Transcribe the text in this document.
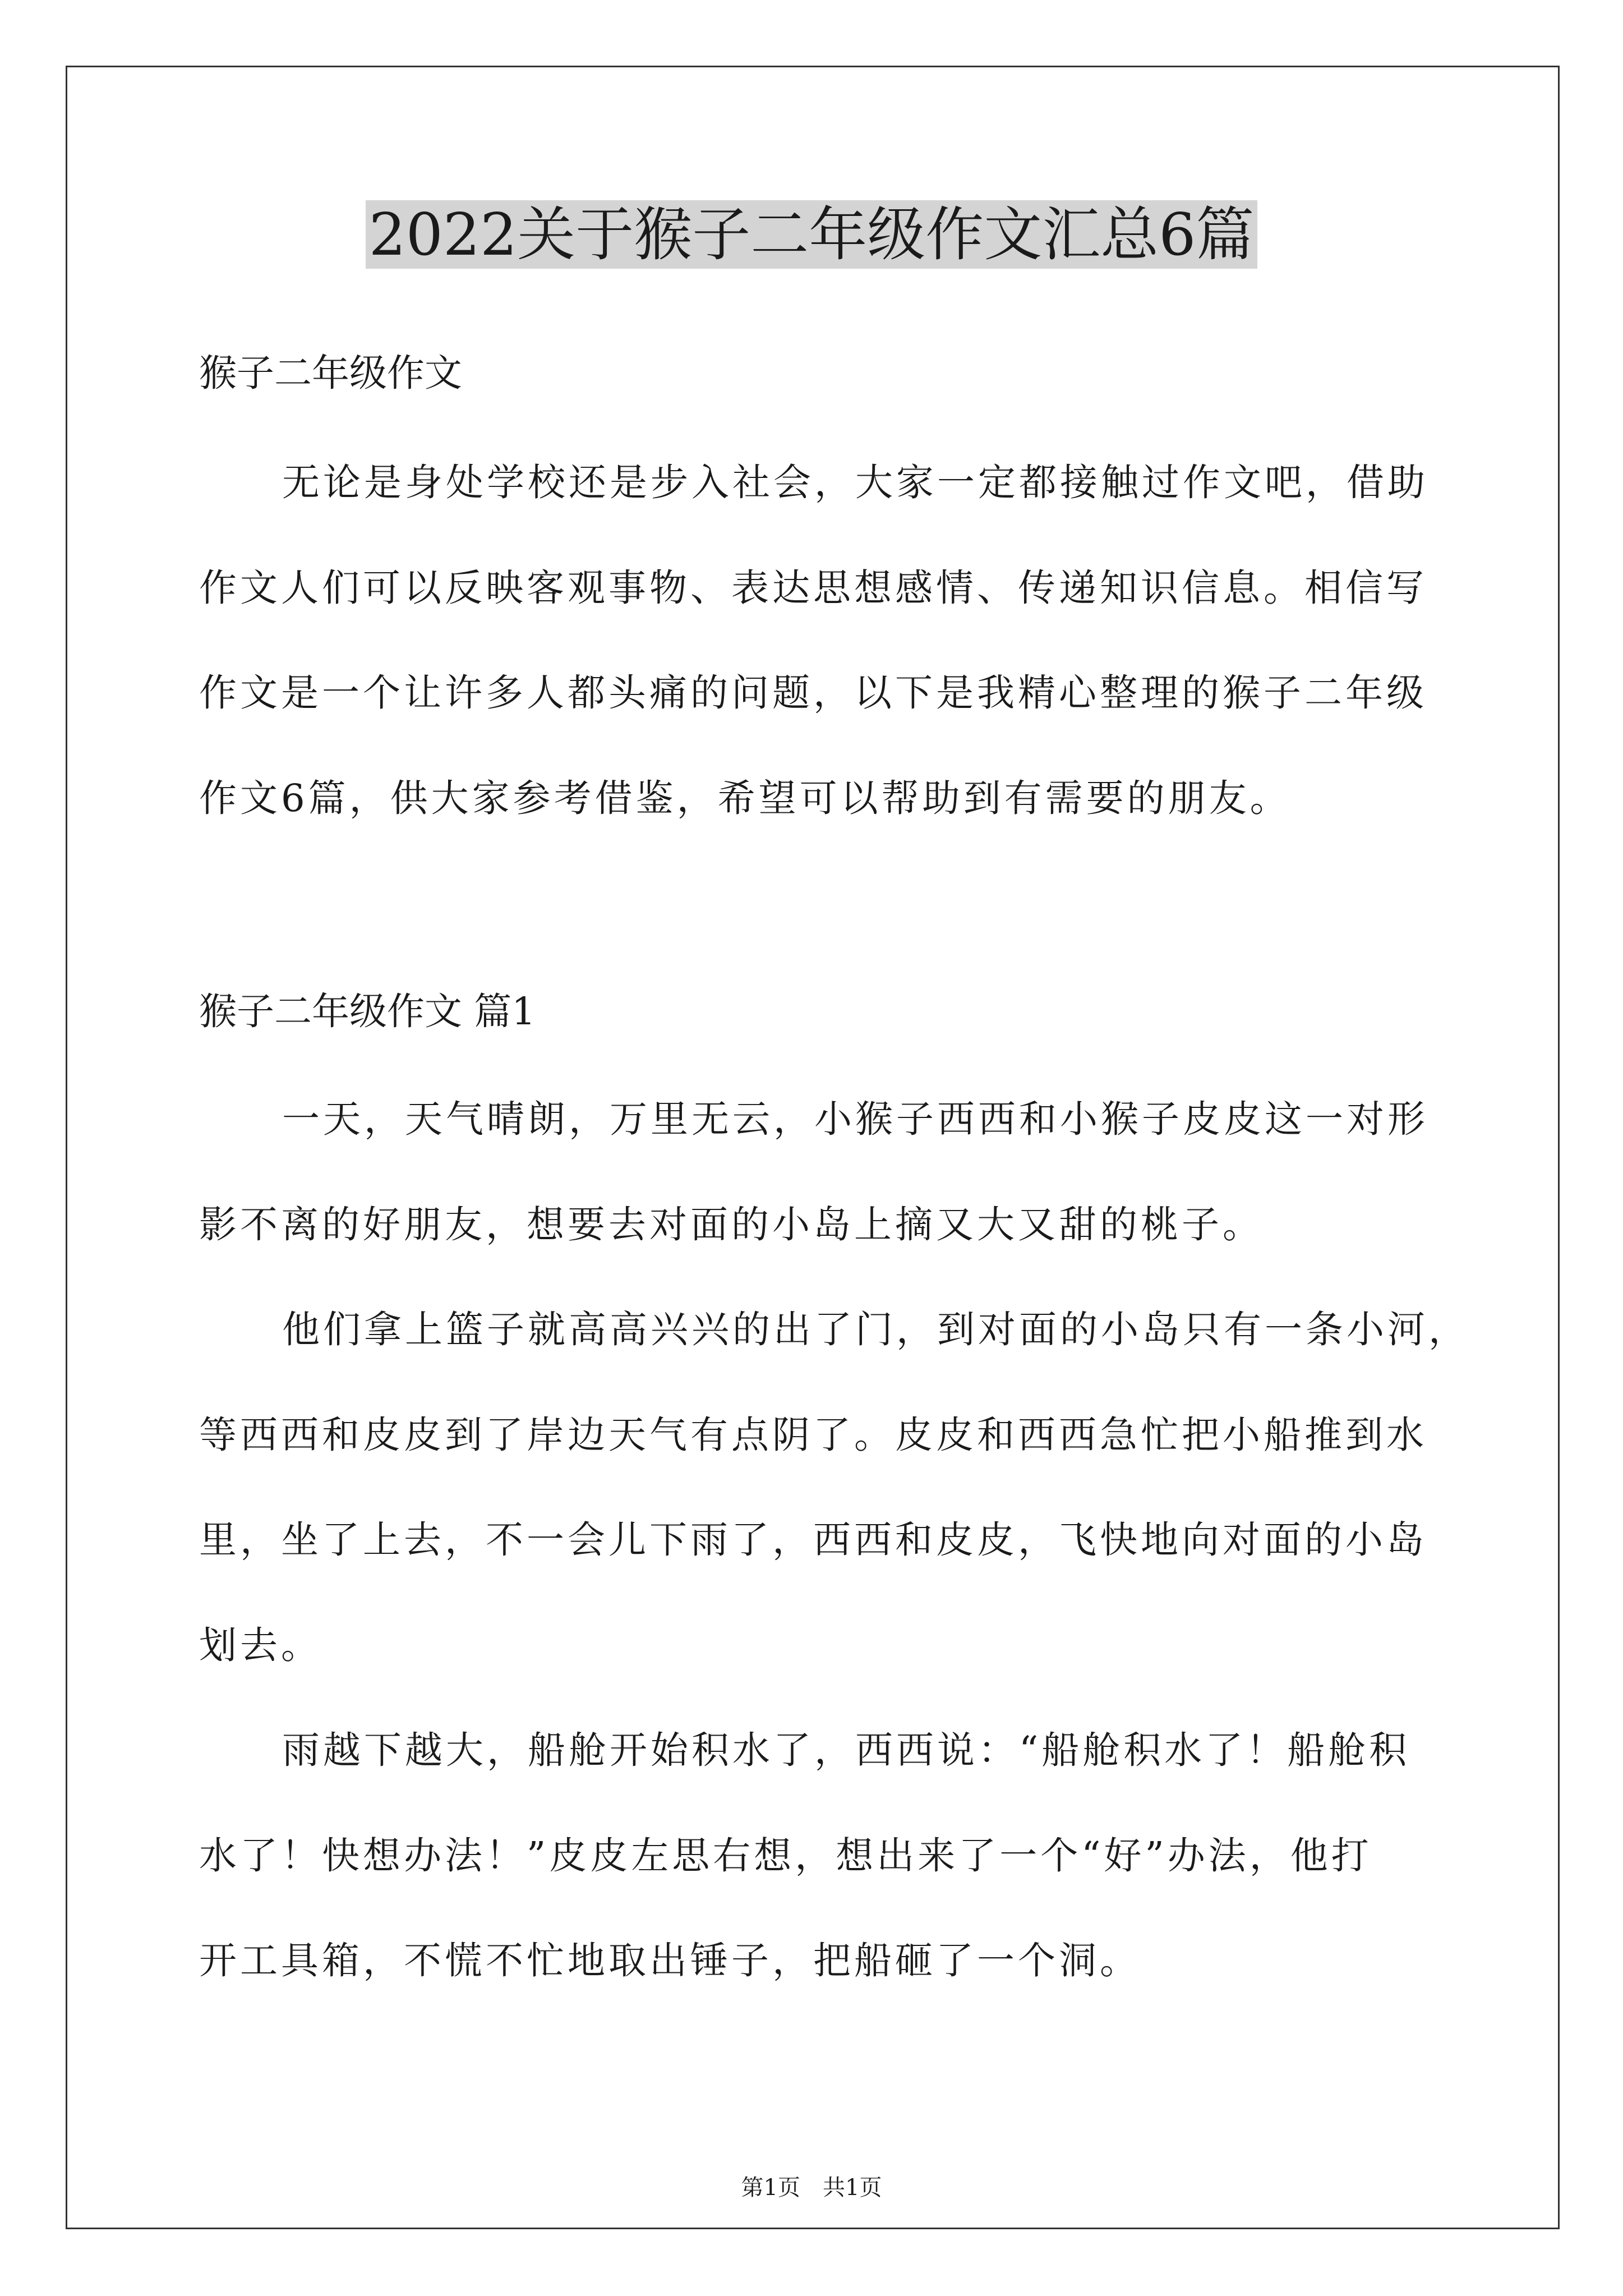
2022关于猴子二年级作文汇总6篇
猴子二年级作文
无论是身处学校还是步入社会，大家一定都接触过作文吧，借助
作文人们可以反映客观事物、表达思想感情、传递知识信息。相信写
作文是一个让许多人都头痛的问题，以下是我精心整理的猴子二年级
作文6篇，供大家参考借鉴，希望可以帮助到有需要的朋友。
猴子二年级作文 篇1
一天，天气晴朗，万里无云，小猴子西西和小猴子皮皮这一对形
影不离的好朋友，想要去对面的小岛上摘又大又甜的桃子。
他们拿上篮子就高高兴兴的出了门，到对面的小岛只有一条小河，
等西西和皮皮到了岸边天气有点阴了。皮皮和西西急忙把小船推到水
里，坐了上去，不一会儿下雨了，西西和皮皮，飞快地向对面的小岛
划去。
雨越下越大，船舱开始积水了，西西说：“船舱积水了！船舱积
水了！快想办法！”皮皮左思右想，想出来了一个“好”办法，他打
开工具箱，不慌不忙地取出锤子，把船砸了一个洞。
第1页　共1页
